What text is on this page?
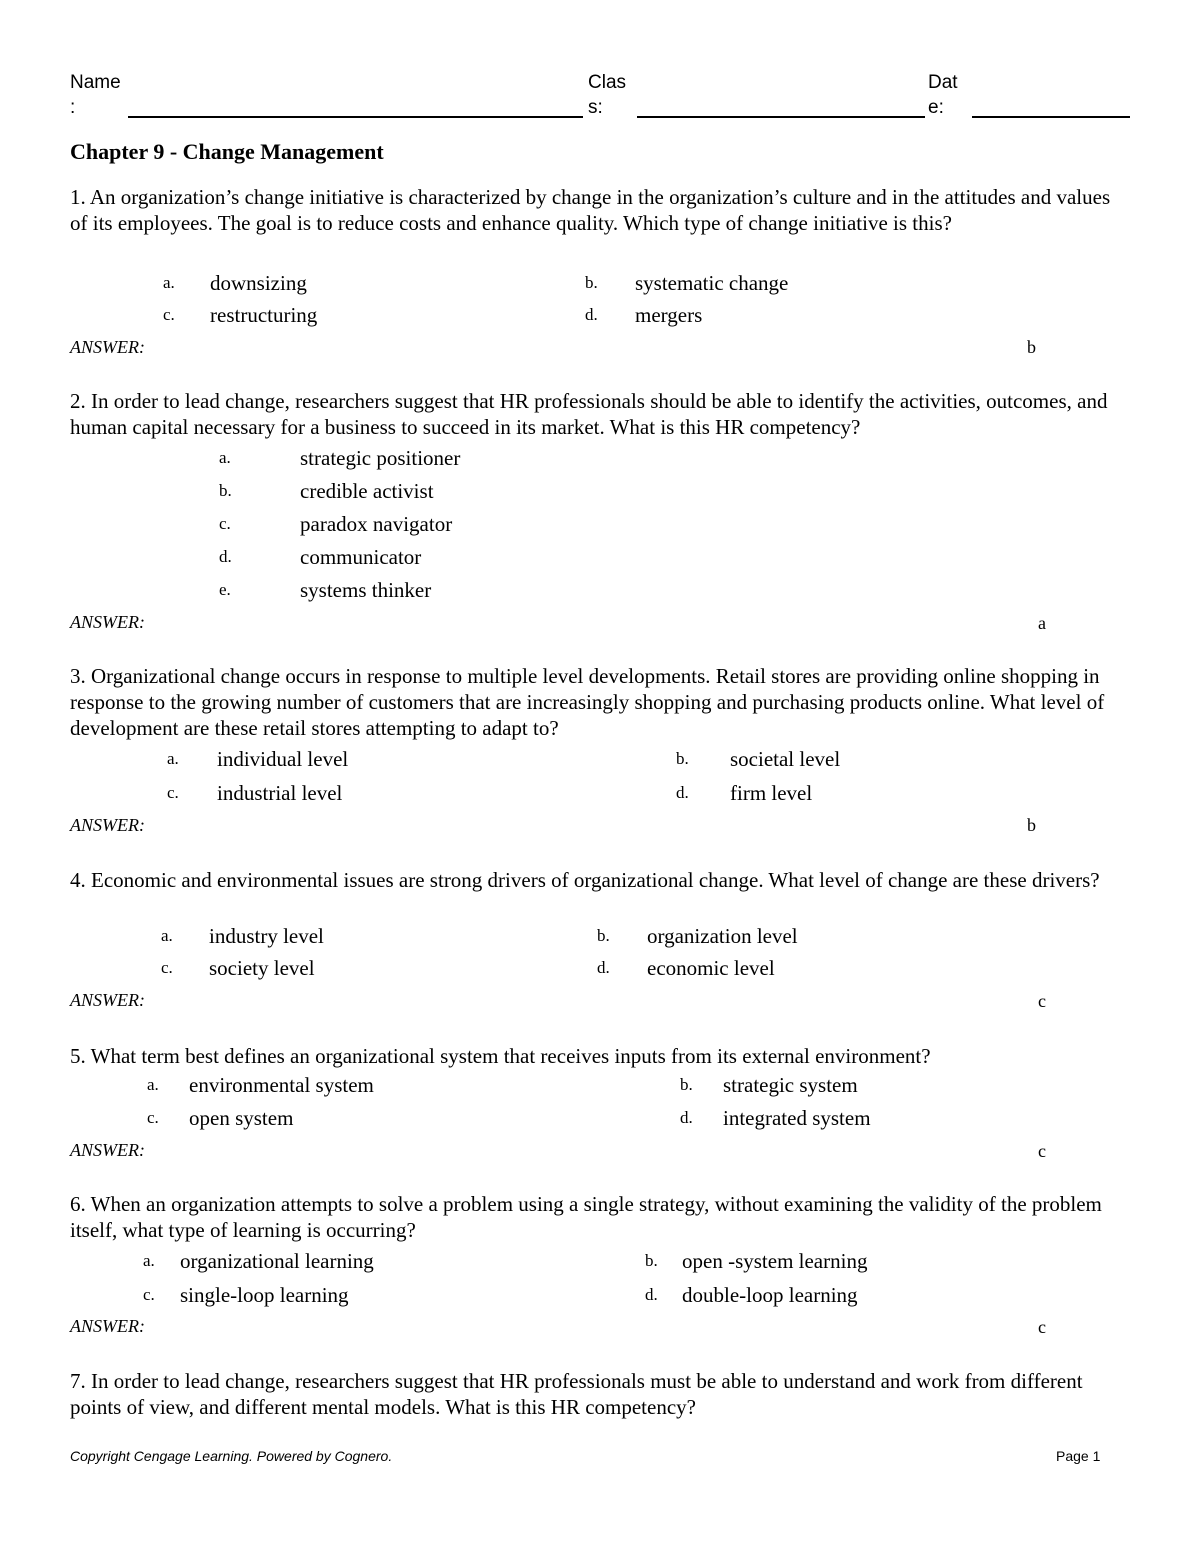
Name
:
Clas
s:
Dat
e:
Chapter 9 - Change Management
1. An organization’s change initiative is characterized by change in the organization’s culture and in the attitudes and values of its employees. The goal is to reduce costs and enhance quality. Which type of change initiative is this?
a. downsizing	b. systematic change
c. restructuring	d. mergers
ANSWER:	b
2. In order to lead change, researchers suggest that HR professionals should be able to identify the activities, outcomes, and human capital necessary for a business to succeed in its market. What is this HR competency?
a.	strategic positioner
b.	credible activist
c.	paradox navigator
d.	communicator
e.	systems thinker
ANSWER:	a
3. Organizational change occurs in response to multiple level developments. Retail stores are providing online shopping in response to the growing number of customers that are increasingly shopping and purchasing products online. What level of development are these retail stores attempting to adapt to?
a. individual level	b. societal level
c. industrial level	d. firm level
ANSWER:	b
4. Economic and environmental issues are strong drivers of organizational change. What level of change are these drivers?
a. industry level	b. organization level
c. society level	d. economic level
ANSWER:	c
5. What term best defines an organizational system that receives inputs from its external environment?
a. environmental system	b. strategic system
c. open system	d. integrated system
ANSWER:	c
6. When an organization attempts to solve a problem using a single strategy, without examining the validity of the problem itself, what type of learning is occurring?
a. organizational learning	b. open -system learning
c. single-loop learning	d. double-loop learning
ANSWER:	c
7. In order to lead change, researchers suggest that HR professionals must be able to understand and work from different points of view, and different mental models. What is this HR competency?
Copyright Cengage Learning. Powered by Cognero.	Page 1
